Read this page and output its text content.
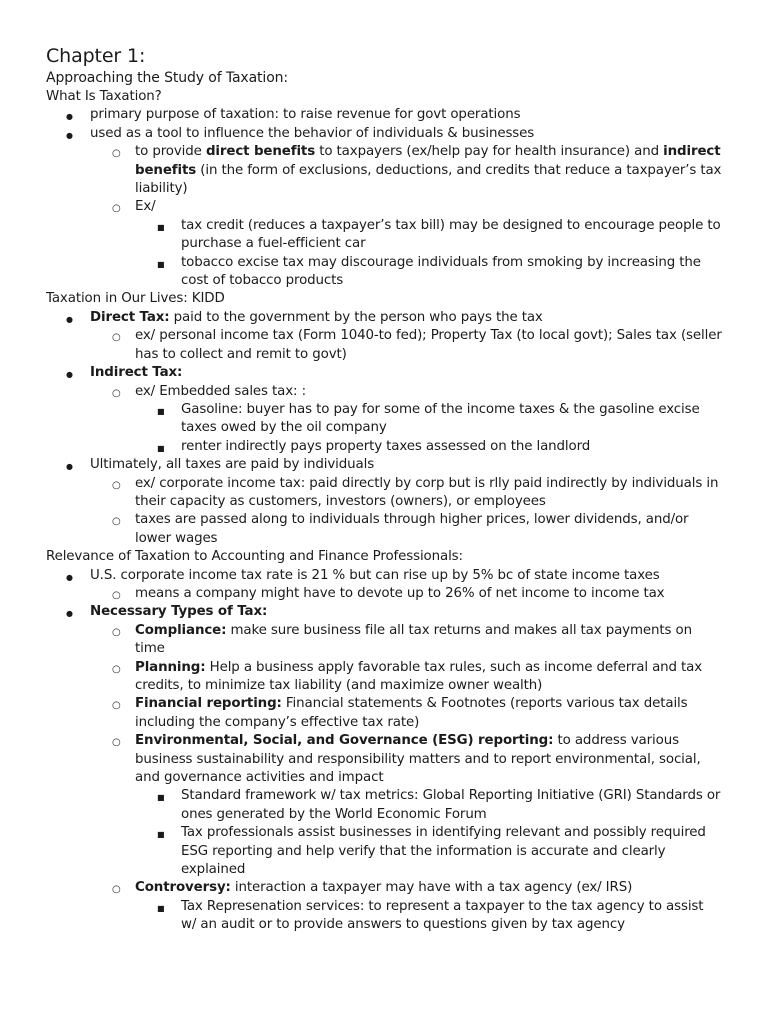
Chapter 1:
Approaching the Study of Taxation:
What Is Taxation?
●
primary purpose of taxation: to raise revenue for govt operations
●
used as a tool to influence the behavior of individuals & businesses
○
to provide direct benefits to taxpayers (ex/help pay for health insurance) and indirect benefits (in the form of exclusions, deductions, and credits that reduce a taxpayer’s tax liability)
○
Ex/
■
tax credit (reduces a taxpayer’s tax bill) may be designed to encourage people to purchase a fuel-efficient car
■
tobacco excise tax may discourage individuals from smoking by increasing the cost of tobacco products
Taxation in Our Lives: KIDD
●
Direct Tax: paid to the government by the person who pays the tax
○
ex/ personal income tax (Form 1040-to fed); Property Tax (to local govt); Sales tax (seller has to collect and remit to govt)
●
Indirect Tax:
○
ex/ Embedded sales tax: :
■
Gasoline: buyer has to pay for some of the income taxes & the gasoline excise taxes owed by the oil company
■
renter indirectly pays property taxes assessed on the landlord
●
Ultimately, all taxes are paid by individuals
○
ex/ corporate income tax: paid directly by corp but is rlly paid indirectly by individuals in their capacity as customers, investors (owners), or employees
○
taxes are passed along to individuals through higher prices, lower dividends, and/or lower wages
Relevance of Taxation to Accounting and Finance Professionals:
●
U.S. corporate income tax rate is 21 % but can rise up by 5% bc of state income taxes
○
means a company might have to devote up to 26% of net income to income tax
●
Necessary Types of Tax:
○
Compliance: make sure business file all tax returns and makes all tax payments on time
○
Planning: Help a business apply favorable tax rules, such as income deferral and tax credits, to minimize tax liability (and maximize owner wealth)
○
Financial reporting: Financial statements & Footnotes (reports various tax details including the company’s effective tax rate)
○
Environmental, Social, and Governance (ESG) reporting: to address various business sustainability and responsibility matters and to report environmental, social, and governance activities and impact
■
Standard framework w/ tax metrics: Global Reporting Initiative (GRI) Standards or ones generated by the World Economic Forum
■
Tax professionals assist businesses in identifying relevant and possibly required ESG reporting and help verify that the information is accurate and clearly explained
○
Controversy: interaction a taxpayer may have with a tax agency (ex/ IRS)
■
Tax Represenation services: to represent a taxpayer to the tax agency to assist w/ an audit or to provide answers to questions given by tax agency
